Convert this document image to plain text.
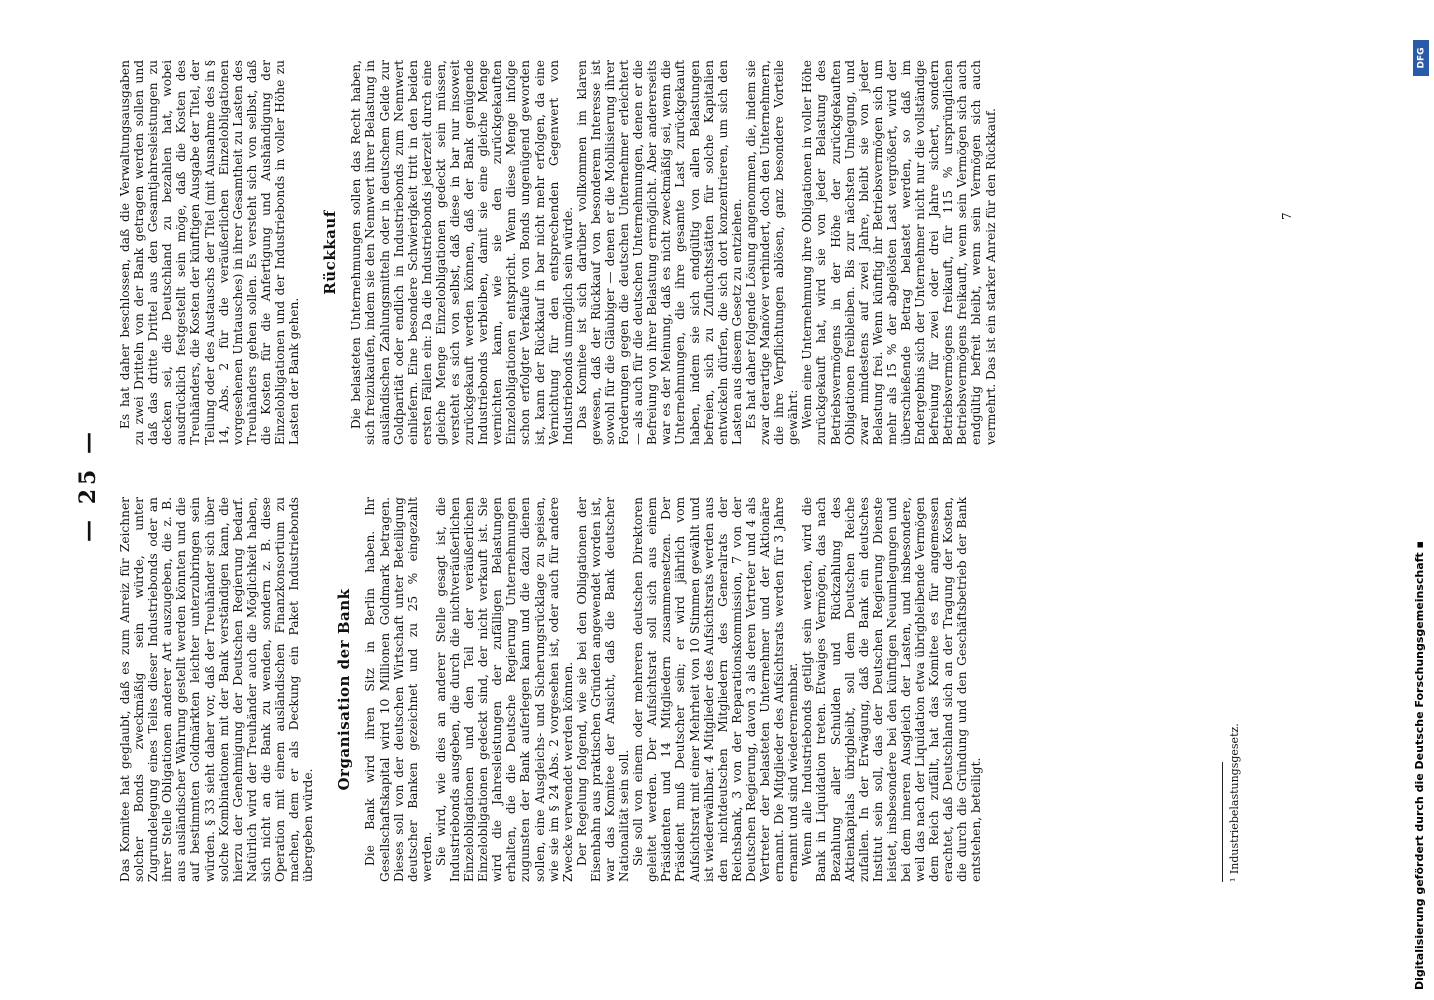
— 25 —

Das Komitee hat geglaubt, daß es zum Anreiz für Zeichner solcher Bonds zweckmäßig sein würde, unter Zugrundelegung eines Teiles dieser Industriebonds oder an ihrer Stelle Obligationen anderer Art auszugeben, die z. B. aus ausländischer Währung gestellt werden könnten und die auf bestimmten Goldmärkten leichter unterzubringen sein würden. § 33 sieht daher vor, daß der Treuhänder sich über solche Kombinationen mit der Bank verständigen kann, die hierzu der Genehmigung der Deutschen Regierung bedarf. Natürlich wird der Treuhänder auch die Möglichkeit haben, sich nicht an die Bank zu wenden, sondern z. B. diese Operation mit einem ausländischen Finanzkonsortium zu machen, dem er als Deckung ein Paket Industriebonds übergeben würde.

Organisation der Bank Die Bank wird ihren Sitz in Berlin haben. Ihr Gesellschaftskapital wird 10 Millionen Goldmark betragen. Dieses soll von der deutschen Wirtschaft unter Beteiligung deutscher Banken gezeichnet und zu 25 % eingezahlt werden. Sie wird, wie dies an anderer Stelle gesagt ist, die Industriebonds ausgeben, die durch die nichtveräußerlichen Einzelobligationen und den Teil der veräußerlichen Einzelobligationen gedeckt sind, der nicht verkauft ist. Sie wird die Jahresleistungen der zufälligen Belastungen erhalten, die die Deutsche Regierung Unternehmungen zugunsten der Bank auferlegen kann und die dazu dienen sollen, eine Ausgleichs- und Sicherungsrücklage zu speisen, wie sie im § 24 Abs. 2 vorgesehen ist, oder auch für andere Zwecke verwendet werden können. Der Regelung folgend, wie sie bei den Obligationen der Eisenbahn aus praktischen Gründen angewendet worden ist, war das Komitee der Ansicht, daß die Bank deutscher Nationalität sein soll. Sie soll von einem oder mehreren deutschen Direktoren geleitet werden. Der Aufsichtsrat soll sich aus einem Präsidenten und 14 Mitgliedern zusammensetzen. Der Präsident muß Deutscher sein; er wird jährlich vom Aufsichtsrat mit einer Mehrheit von 10 Stimmen gewählt und ist wiederwählbar. 4 Mitglieder des Aufsichtsrats werden aus den nichtdeutschen Mitgliedern des Generalrats der Reichsbank, 3 von der Reparationskommission, 7 von der Deutschen Regierung, davon 3 als deren Vertreter und 4 als Vertreter der belasteten Unternehmer und der Aktionäre ernannt. Die Mitglieder des Aufsichtsrats werden für 3 Jahre ernannt und sind wiederernennbar. Wenn alle Industriebonds getilgt sein werden, wird die Bank in Liquidation treten. Etwaiges Vermögen, das nach Bezahlung aller Schulden und Rückzahlung des Aktienkapitals übrigbleibt, soll dem Deutschen Reiche zufallen. In der Erwägung, daß die Bank ein deutsches Institut sein soll, das der Deutschen Regierung Dienste leistet, insbesondere bei den künftigen Neuumlegungen und bei dem inneren Ausgleich der Lasten, und insbesondere, weil das nach der Liquidation etwa übrigbleibende Vermögen dem Reich zufällt, hat das Komitee es für angemessen erachtet, daß Deutschland sich an der Tragung der Kosten, die durch die Gründung und den Geschäftsbetrieb der Bank entstehen, beteiligt.

Es hat daher beschlossen, daß die Verwaltungsausgaben zu zwei Dritteln von der Bank getragen werden sollen und daß das dritte Drittel aus den Gesamtjahresleistungen zu decken sei, die Deutschland zu bezahlen hat, wobei ausdrücklich festgestellt sein möge, daß die Kosten des Treuhänders, die Kosten der künftigen Ausgabe der Titel, der Teilung oder des Austauschs der Titel (mit Ausnahme des in § 14, Abs. 2 für die veräußerlichen Einzelobligationen vorgesehenen Umtausches) in ihrer Gesamtheit zu Lasten des Treuhänders gehen sollen. Es versteht sich von selbst, daß die Kosten für die Anfertigung und Aushändigung der Einzelobligationen und der Industriebonds in voller Höhe zu Lasten der Bank gehen.

Rückkauf Die belasteten Unternehmungen sollen das Recht haben, sich freizukaufen, indem sie den Nennwert ihrer Belastung in ausländischen Zahlungsmitteln oder in deutschem Gelde zur Goldparität oder endlich in Industriebonds zum Nennwert einliefern. Eine besondere Schwierigkeit tritt in den beiden ersten Fällen ein: Da die Industriebonds jederzeit durch eine gleiche Menge Einzelobligationen gedeckt sein müssen, versteht es sich von selbst, daß diese in bar nur insoweit zurückgekauft werden können, daß der Bank genügende Industriebonds verbleiben, damit sie eine gleiche Menge vernichten kann, wie sie den zurückgekauften Einzelobligationen entspricht. Wenn diese Menge infolge schon erfolgter Verkäufe von Bonds ungenügend geworden ist, kann der Rückkauf in bar nicht mehr erfolgen, da eine Vernichtung für den entsprechenden Gegenwert von Industriebonds unmöglich sein würde. Das Komitee ist sich darüber vollkommen im klaren gewesen, daß der Rückkauf von besonderem Interesse ist sowohl für die Gläubiger — denen er die Mobilisierung ihrer Forderungen gegen die deutschen Unternehmer erleichtert — als auch für die deutschen Unternehmungen, denen er die Befreiung von ihrer Belastung ermöglicht. Aber andererseits war es der Meinung, daß es nicht zweckmäßig sei, wenn die Unternehmungen, die ihre gesamte Last zurückgekauft haben, indem sie sich endgültig von allen Belastungen befreien, sich zu Zufluchtsstätten für solche Kapitalien entwickeln dürfen, die sich dort konzentrieren, um sich den Lasten aus diesem Gesetz zu entziehen. Es hat daher folgende Lösung angenommen, die, indem sie zwar derartige Manöver verhindert, doch den Unternehmern, die ihre Verpflichtungen ablösen, ganz besondere Vorteile gewährt: Wenn eine Unternehmung ihre Obligationen in voller Höhe zurückgekauft hat, wird sie von jeder Belastung des Betriebsvermögens in der Höhe der zurückgekauften Obligationen freibleiben. Bis zur nächsten Umlegung, und zwar mindestens auf zwei Jahre, bleibt sie von jeder Belastung frei. Wenn künftig ihr Betriebsvermögen sich um mehr als 15 % der abgelösten Last vergrößert, wird der überschießende Betrag belastet werden, so daß im Endergebnis sich der Unternehmer nicht nur die vollständige Befreiung für zwei oder drei Jahre sichert, sondern Betriebsvermögens freikauft, für 115 % ursprünglichen Betriebsvermögens freikauft, wenn sein Vermögen sich auch endgültig befreit bleibt, wenn sein Vermögen sich auch vermehrt. Das ist ein starker Anreiz für den Rückkauf.

¹ Industriebelastungsgesetz.
7
DFG
Digitalisierung gefördert durch die Deutsche Forschungsgemeinschaft ▪
